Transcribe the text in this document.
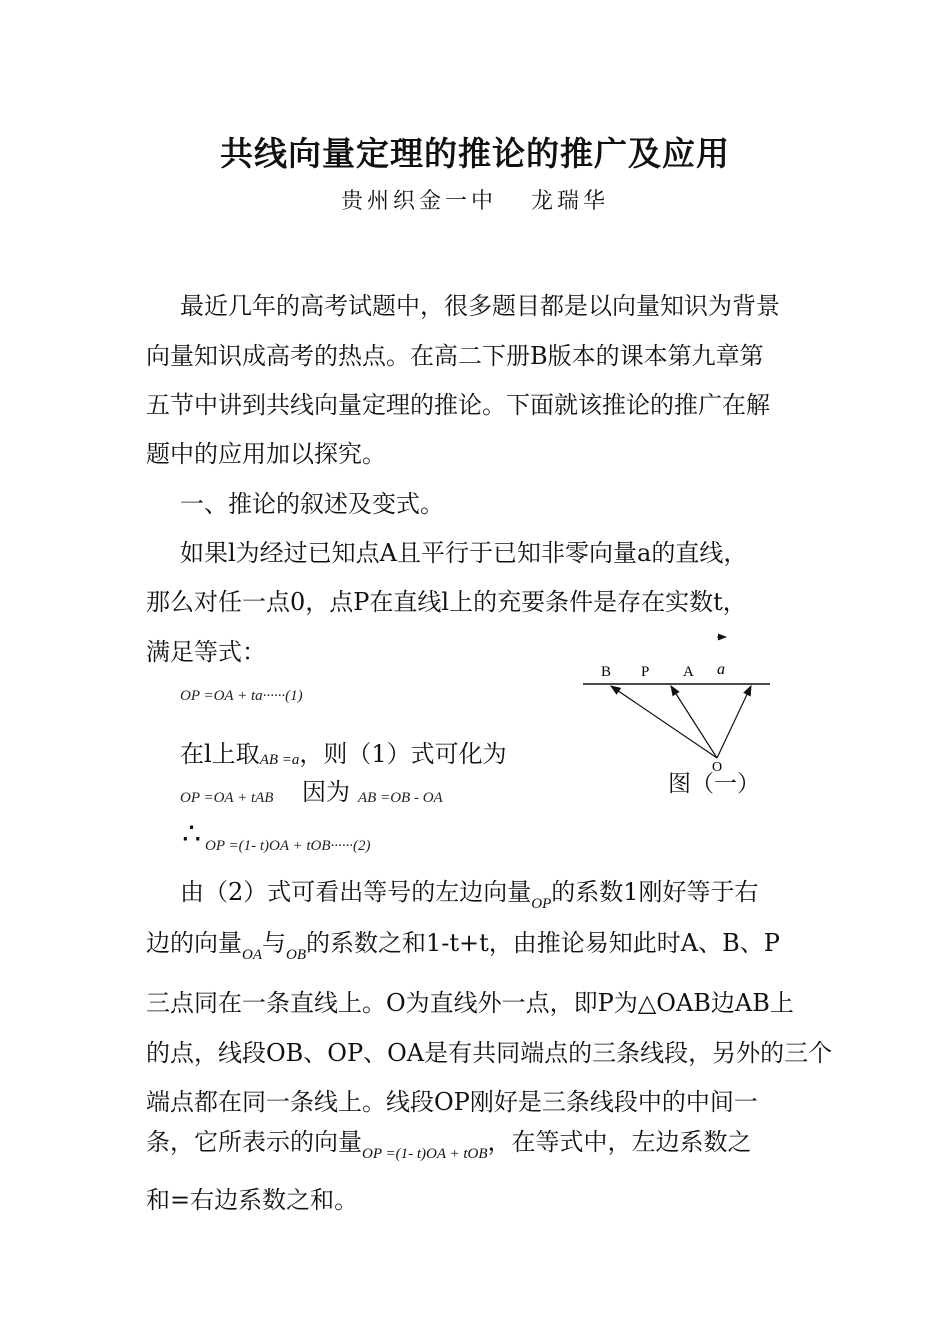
共线向量定理的推论的推广及应用
贵州织金一中 龙瑞华
最近几年的高考试题中，很多题目都是以向量知识为背景
向量知识成高考的热点。在高二下册B版本的课本第九章第
五节中讲到共线向量定理的推论。下面就该推论的推广在解
题中的应用加以探究。
一、推论的叙述及变式。
如果l为经过已知点A且平行于已知非零向量a的直线，
那么对任一点0，点P在直线l上的充要条件是存在实数t，
满足等式：
OP =OA + ta······(1)
在l上取AB =a，则（1）式可化为
OP =OA + tAB 因为 AB =OB - OA
∴ OP =(1- t)OA + tOB······(2)
由（2）式可看出等号的左边向量$_{OP}$的系数1刚好等于右
边的向量$_{OA}$与$_{OB}$的系数之和1-t+t，由推论易知此时A、B、P
三点同在一条直线上。O为直线外一点，即P为△OAB边AB上
的点，线段OB、OP、OA是有共同端点的三条线段，另外的三个
端点都在同一条线上。线段OP刚好是三条线段中的中间一
条，它所表示的向量$_{OP =(1- t)OA + tOB}$，在等式中，左边系数之
和=右边系数之和。
B P A a
O
图（一）
